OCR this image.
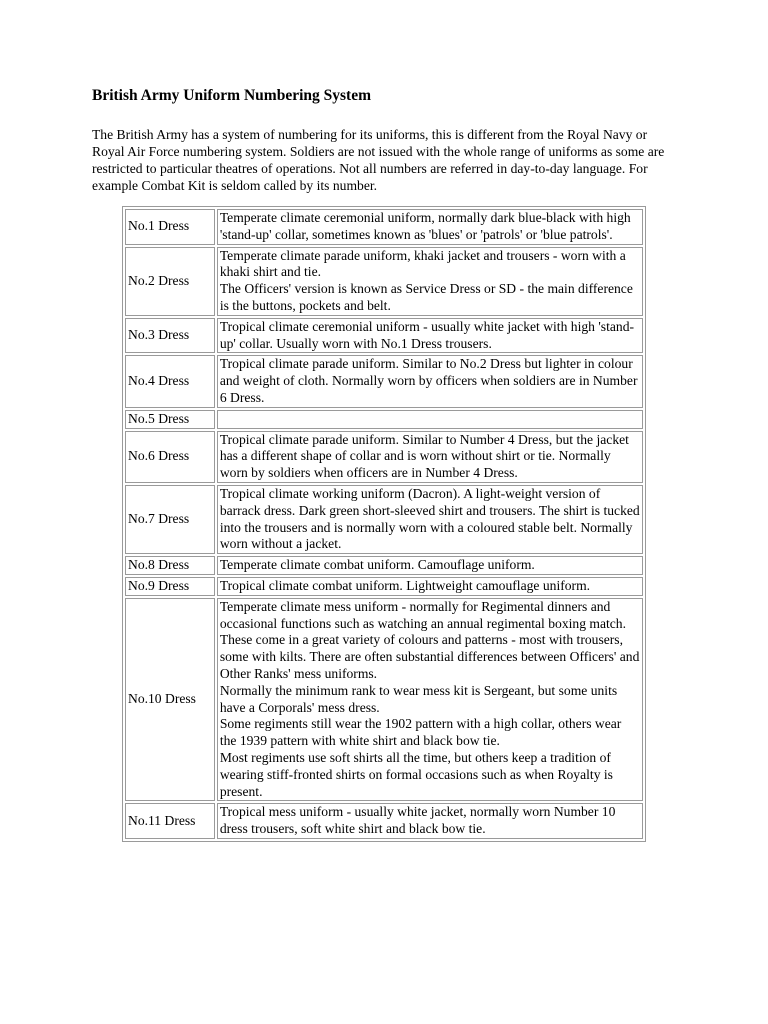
British Army Uniform Numbering System

The British Army has a system of numbering for its uniforms, this is different from the Royal Navy or Royal Air Force numbering system. Soldiers are not issued with the whole range of uniforms as some are restricted to particular theatres of operations. Not all numbers are referred in day-to-day language. For example Combat Kit is seldom called by its number.

No.1 Dress	Temperate climate ceremonial uniform, normally dark blue-black with high 'stand-up' collar, sometimes known as 'blues' or 'patrols' or 'blue patrols'.

No.2 Dress	Temperate climate parade uniform, khaki jacket and trousers - worn with a khaki shirt and tie.
The Officers' version is known as Service Dress or SD - the main difference is the buttons, pockets and belt.

No.3 Dress	Tropical climate ceremonial uniform - usually white jacket with high 'stand-up' collar. Usually worn with No.1 Dress trousers.

No.4 Dress	Tropical climate parade uniform. Similar to No.2 Dress but lighter in colour and weight of cloth. Normally worn by officers when soldiers are in Number 6 Dress.

No.5 Dress	
No.6 Dress	Tropical climate parade uniform. Similar to Number 4 Dress, but the jacket has a different shape of collar and is worn without shirt or tie. Normally worn by soldiers when officers are in Number 4 Dress.

No.7 Dress	Tropical climate working uniform (Dacron). A light-weight version of barrack dress. Dark green short-sleeved shirt and trousers. The shirt is tucked into the trousers and is normally worn with a coloured stable belt. Normally worn without a jacket.

No.8 Dress	Temperate climate combat uniform. Camouflage uniform.

No.9 Dress	Tropical climate combat uniform. Lightweight camouflage uniform.

No.10 Dress	Temperate climate mess uniform - normally for Regimental dinners and occasional functions such as watching an annual regimental boxing match.
These come in a great variety of colours and patterns - most with trousers, some with kilts. There are often substantial differences between Officers' and Other Ranks' mess uniforms.
Normally the minimum rank to wear mess kit is Sergeant, but some units have a Corporals' mess dress.
Some regiments still wear the 1902 pattern with a high collar, others wear the 1939 pattern with white shirt and black bow tie.
Most regiments use soft shirts all the time, but others keep a tradition of wearing stiff-fronted shirts on formal occasions such as when Royalty is present.

No.11 Dress	Tropical mess uniform - usually white jacket, normally worn Number 10 dress trousers, soft white shirt and black bow tie.
